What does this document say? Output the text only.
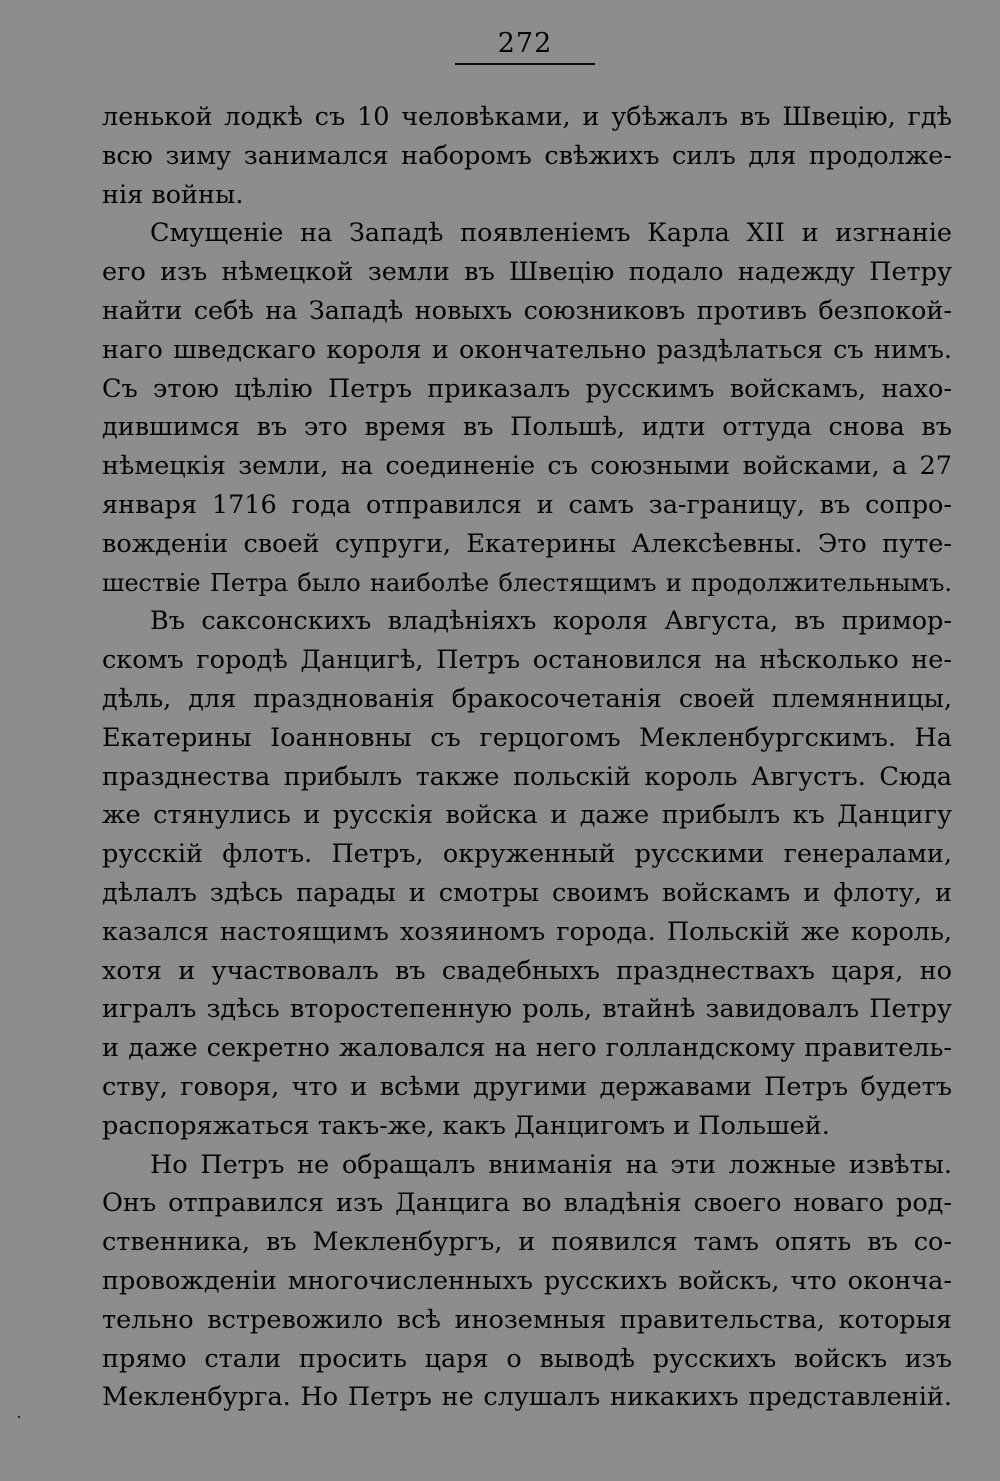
272
ленькой лодкѣ съ 10 человѣками, и убѣжалъ въ Швецію, гдѣ
всю зиму занимался наборомъ свѣжихъ силъ для продолже-
нія войны.
Смущеніе на Западѣ появленіемъ Карла XII и изгнаніе
его изъ нѣмецкой земли въ Швецію подало надежду Петру
найти себѣ на Западѣ новыхъ союзниковъ противъ безпокой-
наго шведскаго короля и окончательно раздѣлаться съ нимъ.
Съ этою цѣлію Петръ приказалъ русскимъ войскамъ, нахо-
дившимся въ это время въ Польшѣ, идти оттуда снова въ
нѣмецкія земли, на соединеніе съ союзными войсками, а 27
января 1716 года отправился и самъ за-границу, въ сопро-
вожденіи своей супруги, Екатерины Алексѣевны. Это путе-
шествіе Петра было наиболѣе блестящимъ и продолжительнымъ.
Въ саксонскихъ владѣніяхъ короля Августа, въ примор-
скомъ городѣ Данцигѣ, Петръ остановился на нѣсколько не-
дѣль, для празднованія бракосочетанія своей племянницы,
Екатерины Іоанновны съ герцогомъ Мекленбургскимъ. На
празднества прибылъ также польскій король Августъ. Сюда
же стянулись и русскія войска и даже прибылъ къ Данцигу
русскій флотъ. Петръ, окруженный русскими генералами,
дѣлалъ здѣсь парады и смотры своимъ войскамъ и флоту, и
казался настоящимъ хозяиномъ города. Польскій же король,
хотя и участвовалъ въ свадебныхъ празднествахъ царя, но
игралъ здѣсь второстепенную роль, втайнѣ завидовалъ Петру
и даже секретно жаловался на него голландскому правитель-
ству, говоря, что и всѣми другими державами Петръ будетъ
распоряжаться такъ-же, какъ Данцигомъ и Польшей.
Но Петръ не обращалъ вниманія на эти ложные извѣты.
Онъ отправился изъ Данцига во владѣнія своего новаго род-
ственника, въ Мекленбургъ, и появился тамъ опять въ со-
провожденіи многочисленныхъ русскихъ войскъ, что оконча-
тельно встревожило всѣ иноземныя правительства, которыя
прямо стали просить царя о выводѣ русскихъ войскъ изъ
Мекленбурга. Но Петръ не слушалъ никакихъ представленій.
